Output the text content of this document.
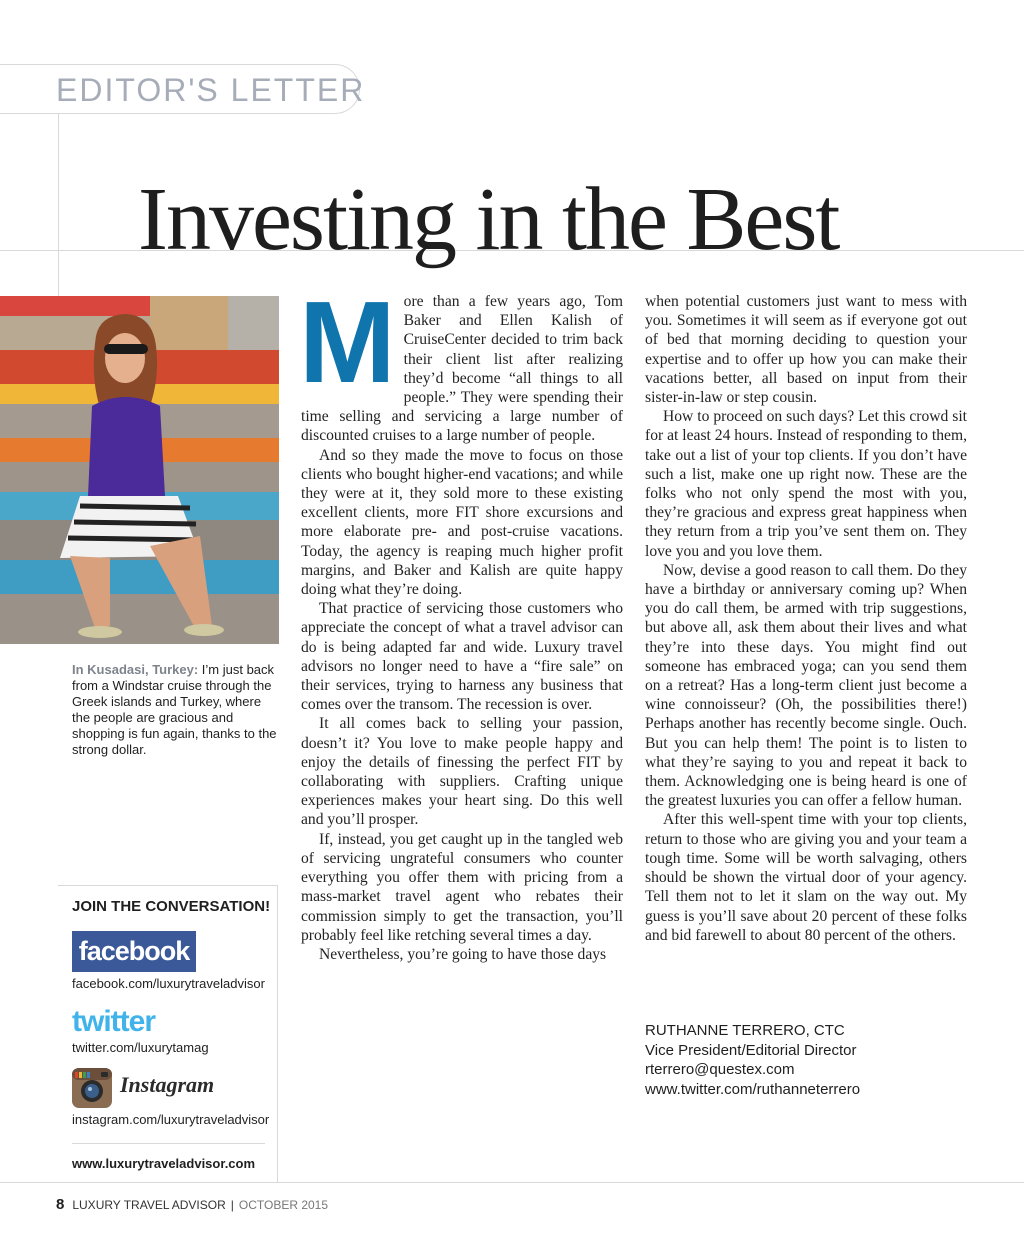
EDITOR'S LETTER
Investing in the Best
In Kusadasi, Turkey: I’m just back from a Windstar cruise through the Greek islands and Turkey, where the people are gracious and shopping is fun again, thanks to the strong dollar.
JOIN THE CONVERSATION!
facebook
facebook.com/luxurytraveladvisor
twitter
twitter.com/luxurytamag
Instagram
instagram.com/luxurytraveladvisor
www.luxurytraveladvisor.com

More than a few years ago, Tom Baker and Ellen Kalish of CruiseCenter decided to trim back their client list after realizing they’d become “all things to all people.” They were spending their time selling and servicing a large number of discounted cruises to a large number of people.

And so they made the move to focus on those clients who bought higher-end vacations; and while they were at it, they sold more to these existing excellent clients, more FIT shore excursions and more elaborate pre- and post-cruise vacations. Today, the agency is reaping much higher profit margins, and Baker and Kalish are quite happy doing what they’re doing.

That practice of servicing those customers who appreciate the concept of what a travel advisor can do is being adapted far and wide. Luxury travel advisors no longer need to have a “fire sale” on their services, trying to harness any business that comes over the transom. The recession is over.

It all comes back to selling your passion, doesn’t it? You love to make people happy and enjoy the details of finessing the perfect FIT by collaborating with suppliers. Crafting unique experiences makes your heart sing. Do this well and you’ll prosper.

If, instead, you get caught up in the tangled web of servicing ungrateful consumers who counter everything you offer them with pricing from a mass-market travel agent who rebates their commission simply to get the transaction, you’ll probably feel like retching several times a day.

Nevertheless, you’re going to have those days

when potential customers just want to mess with you. Sometimes it will seem as if everyone got out of bed that morning deciding to question your expertise and to offer up how you can make their vacations better, all based on input from their sister-in-law or step cousin.

How to proceed on such days? Let this crowd sit for at least 24 hours. Instead of responding to them, take out a list of your top clients. If you don’t have such a list, make one up right now. These are the folks who not only spend the most with you, they’re gracious and express great happiness when they return from a trip you’ve sent them on. They love you and you love them.

Now, devise a good reason to call them. Do they have a birthday or anniversary coming up? When you do call them, be armed with trip suggestions, but above all, ask them about their lives and what they’re into these days. You might find out someone has embraced yoga; can you send them on a retreat? Has a long-term client just become a wine connoisseur? (Oh, the possibilities there!) Perhaps another has recently become single. Ouch. But you can help them! The point is to listen to what they’re saying to you and repeat it back to them. Acknowledging one is being heard is one of the greatest luxuries you can offer a fellow human.

After this well-spent time with your top clients, return to those who are giving you and your team a tough time. Some will be worth salvaging, others should be shown the virtual door of your agency. Tell them not to let it slam on the way out. My guess is you’ll save about 20 percent of these folks and bid farewell to about 80 percent of the others.

RUTHANNE TERRERO, CTC
Vice President/Editorial Director
rterrero@questex.com
www.twitter.com/ruthanneterrero
8 LUXURY TRAVEL ADVISOR | OCTOBER 2015
